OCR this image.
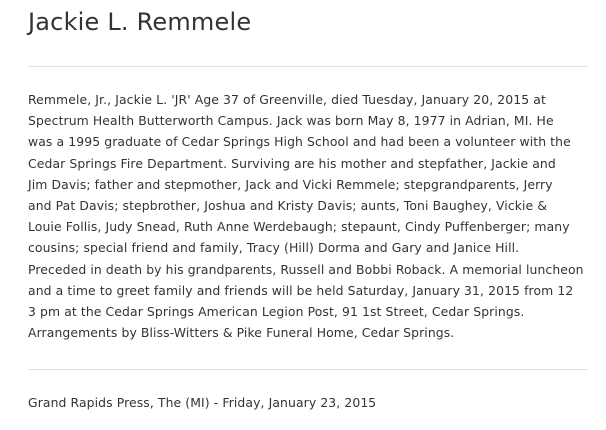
Jackie L. Remmele
Remmele, Jr., Jackie L. 'JR' Age 37 of Greenville, died Tuesday, January 20, 2015 at
Spectrum Health Butterworth Campus. Jack was born May 8, 1977 in Adrian, MI. He
was a 1995 graduate of Cedar Springs High School and had been a volunteer with the
Cedar Springs Fire Department. Surviving are his mother and stepfather, Jackie and
Jim Davis; father and stepmother, Jack and Vicki Remmele; stepgrandparents, Jerry
and Pat Davis; stepbrother, Joshua and Kristy Davis; aunts, Toni Baughey, Vickie &
Louie Follis, Judy Snead, Ruth Anne Werdebaugh; stepaunt, Cindy Puffenberger; many
cousins; special friend and family, Tracy (Hill) Dorma and Gary and Janice Hill.
Preceded in death by his grandparents, Russell and Bobbi Roback. A memorial luncheon
and a time to greet family and friends will be held Saturday, January 31, 2015 from 12
3 pm at the Cedar Springs American Legion Post, 91 1st Street, Cedar Springs.
Arrangements by Bliss-Witters & Pike Funeral Home, Cedar Springs.

Grand Rapids Press, The (MI) - Friday, January 23, 2015
